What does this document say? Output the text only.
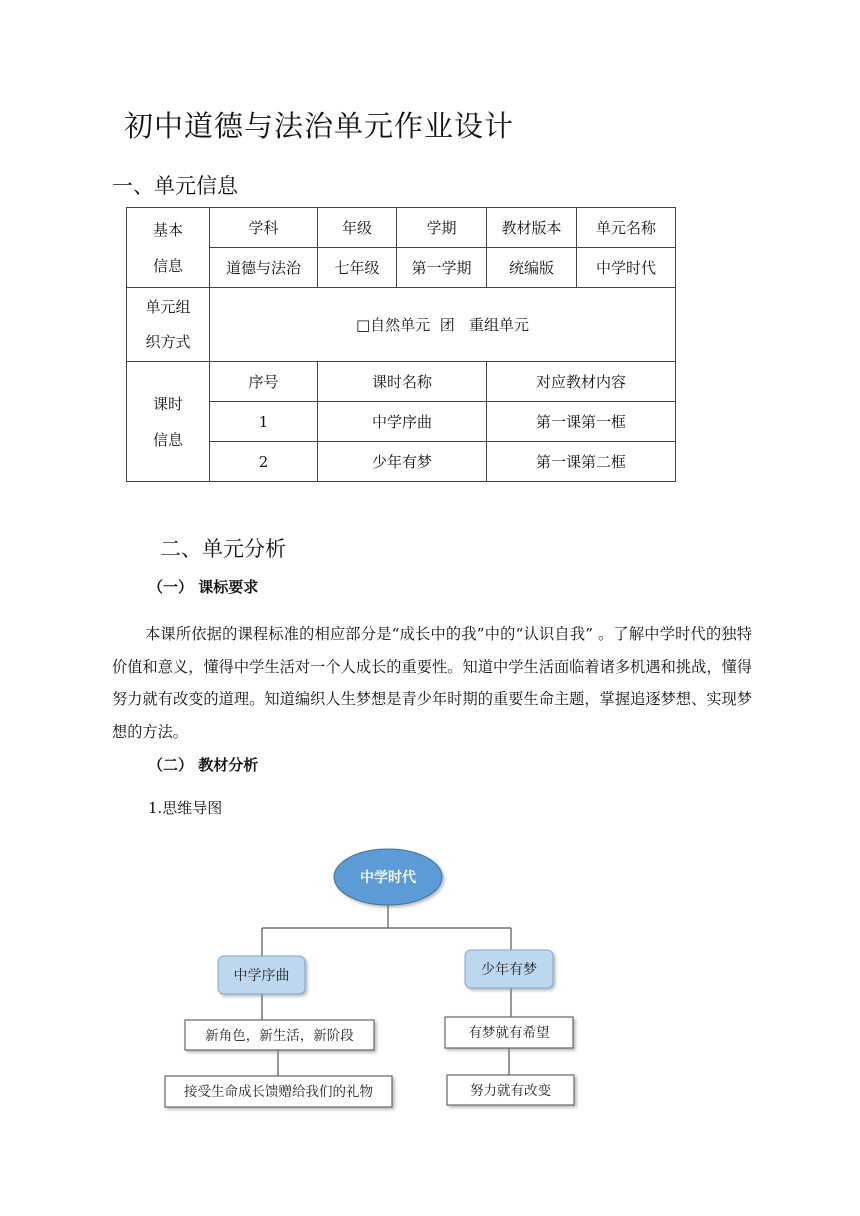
初中道德与法治单元作业设计
一、单元信息
基本
信息	学科	年级	学期	教材版本	单元名称
	道德与法治	七年级	第一学期	统编版	中学时代
单元组
织方式	□自然单元  团   重组单元				
课时
信息	序号	课时名称		对应教材内容	
	1	中学序曲		第一课第一框	
	2	少年有梦		第一课第二框	
二、单元分析
（一） 课标要求

本课所依据的课程标准的相应部分是“成长中的我”中的“认识自我” 。了解中学时代的独特价值和意义，懂得中学生活对一个人成长的重要性。知道中学生活面临着诸多机遇和挑战，懂得努力就有改变的道理。知道编织人生梦想是青少年时期的重要生命主题，掌握追逐梦想、实现梦想的方法。

（二） 教材分析
1.思维导图
中学时代
中学序曲	少年有梦
新角色，新生活，新阶段
接受生命成长馈赠给我们的礼物
有梦就有希望
努力就有改变
